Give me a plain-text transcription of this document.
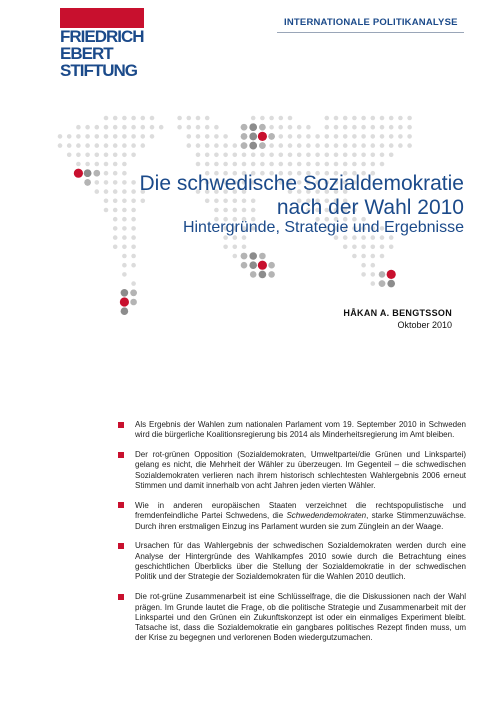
FRIEDRICH
EBERT
STIFTUNG
INTERNATIONALE POLITIKANALYSE
Die schwedische Sozialdemokratie
nach der Wahl 2010
Hintergründe, Strategie und Ergebnisse
HÅKAN A. BENGTSSON
Oktober 2010
Als Ergebnis der Wahlen zum nationalen Parlament vom 19. September 2010 in Schweden wird die bürgerliche Koalitionsregierung bis 2014 als Minderheitsregierung im Amt bleiben.
Der rot-grünen Opposition (Sozialdemokraten, Umweltpartei/die Grünen und Linkspartei) gelang es nicht, die Mehrheit der Wähler zu überzeugen. Im Gegenteil – die schwedischen Sozialdemokraten verlieren nach ihrem historisch schlechtesten Wahlergebnis 2006 erneut Stimmen und damit innerhalb von acht Jahren jeden vierten Wähler.
Wie in anderen europäischen Staaten verzeichnet die rechtspopulistische und fremdenfeindliche Partei Schwedens, die Schwedendemokraten, starke Stimmenzuwächse. Durch ihren erstmaligen Einzug ins Parlament wurden sie zum Zünglein an der Waage.
Ursachen für das Wahlergebnis der schwedischen Sozialdemokraten werden durch eine Analyse der Hintergründe des Wahlkampfes 2010 sowie durch die Betrachtung eines geschichtlichen Überblicks über die Stellung der Sozialdemokratie in der schwedischen Politik und der Strategie der Sozialdemokraten für die Wahlen 2010 deutlich.
Die rot-grüne Zusammenarbeit ist eine Schlüsselfrage, die die Diskussionen nach der Wahl prägen. Im Grunde lautet die Frage, ob die politische Strategie und Zusammenarbeit mit der Linkspartei und den Grünen ein Zukunftskonzept ist oder ein einmaliges Experiment bleibt. Tatsache ist, dass die Sozialdemokratie ein gangbares politisches Rezept finden muss, um der Krise zu begegnen und verlorenen Boden wiedergutzumachen.
